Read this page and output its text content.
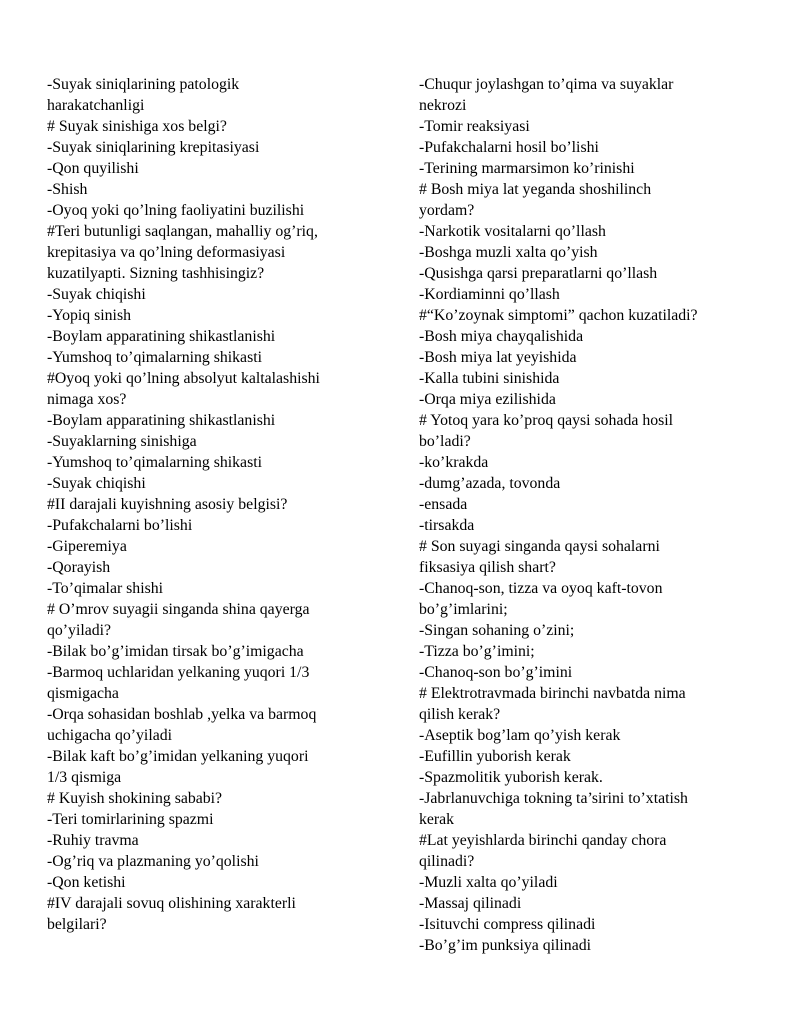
-Suyak siniqlarining patologik
harakatchanligi
# Suyak sinishiga xos belgi?
-Suyak siniqlarining krepitasiyasi
-Qon quyilishi
-Shish
-Oyoq yoki qo’lning faoliyatini buzilishi
#Teri butunligi saqlangan, mahalliy og’riq,
krepitasiya va qo’lning deformasiyasi
kuzatilyapti. Sizning tashhisingiz?
-Suyak chiqishi
-Yopiq sinish
-Boylam apparatining shikastlanishi
-Yumshoq to’qimalarning shikasti
#Oyoq yoki qo’lning absolyut kaltalashishi
nimaga xos?
-Boylam apparatining shikastlanishi
-Suyaklarning sinishiga
-Yumshoq to’qimalarning shikasti
-Suyak chiqishi
#II darajali kuyishning asosiy belgisi?
-Pufakchalarni bo’lishi
-Giperemiya
-Qorayish
-To’qimalar shishi
# O’mrov suyagii singanda shina qayerga
qo’yiladi?
-Bilak bo’g’imidan tirsak bo’g’imigacha
-Barmoq uchlaridan yelkaning yuqori 1/3
qismigacha
-Orqa sohasidan boshlab ,yelka va barmoq
uchigacha qo’yiladi
-Bilak kaft bo’g’imidan yelkaning yuqori
1/3 qismiga
# Kuyish shokining sababi?
-Teri tomirlarining spazmi
-Ruhiy travma
-Og’riq va plazmaning yo’qolishi
-Qon ketishi
#IV darajali sovuq olishining xarakterli
belgilari?
-Chuqur joylashgan to’qima va suyaklar
nekrozi
-Tomir reaksiyasi
-Pufakchalarni hosil bo’lishi
-Terining marmarsimon ko’rinishi
# Bosh miya lat yeganda shoshilinch
yordam?
-Narkotik vositalarni qo’llash
-Boshga muzli xalta qo’yish
-Qusishga qarsi preparatlarni qo’llash
-Kordiaminni qo’llash
#“Ko’zoynak simptomi” qachon kuzatiladi?
-Bosh miya chayqalishida
-Bosh miya lat yeyishida
-Kalla tubini sinishida
-Orqa miya ezilishida
# Yotoq yara ko’proq qaysi sohada hosil
bo’ladi?
-ko’krakda
-dumg’azada, tovonda
-ensada
-tirsakda
# Son suyagi singanda qaysi sohalarni
fiksasiya qilish shart?
-Chanoq-son, tizza va oyoq kaft-tovon
bo’g’imlarini;
-Singan sohaning o’zini;
-Tizza bo’g’imini;
-Chanoq-son bo’g’imini
# Elektrotravmada birinchi navbatda nima
qilish kerak?
-Aseptik bog’lam qo’yish kerak
-Eufillin yuborish kerak
-Spazmolitik yuborish kerak.
-Jabrlanuvchiga tokning ta’sirini to’xtatish
kerak
#Lat yeyishlarda birinchi qanday chora
qilinadi?
-Muzli xalta qo’yiladi
-Massaj qilinadi
-Isituvchi compress qilinadi
-Bo’g’im punksiya qilinadi
